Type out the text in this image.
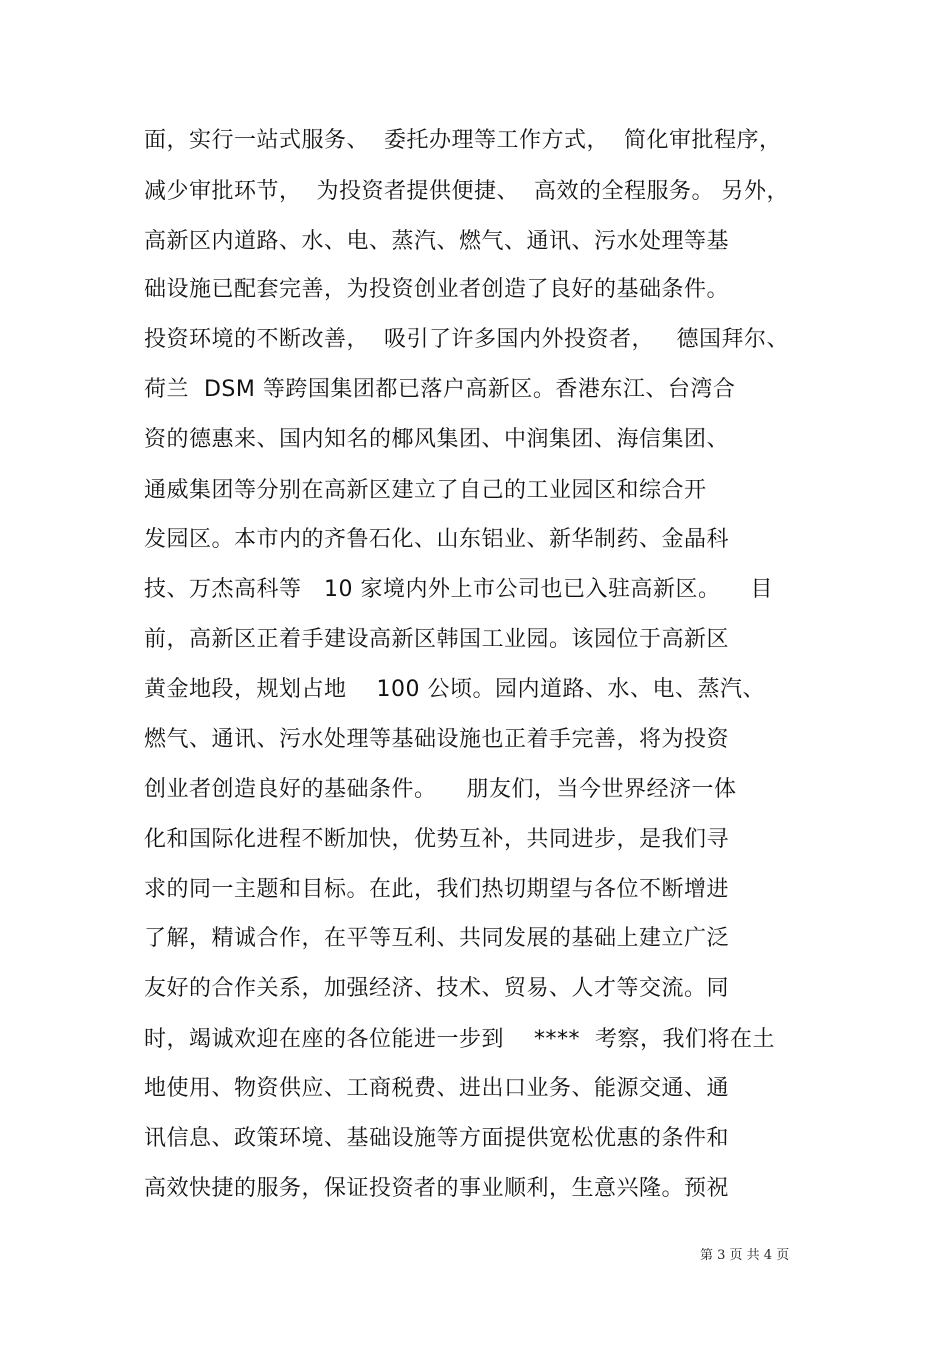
面，实行一站式服务、  委托办理等工作方式，  简化审批程序，
减少审批环节，  为投资者提供便捷、  高效的全程服务。 另外，
高新区内道路、水、电、蒸汽、燃气、通讯、污水处理等基
础设施已配套完善，为投资创业者创造了良好的基础条件。
投资环境的不断改善，  吸引了许多国内外投资者，   德国拜尔、
荷兰  DSM 等跨国集团都已落户高新区。香港东江、台湾合
资的德惠来、国内知名的椰风集团、中润集团、海信集团、
通威集团等分别在高新区建立了自己的工业园区和综合开
发园区。本市内的齐鲁石化、山东铝业、新华制药、金晶科
技、万杰高科等   10 家境内外上市公司也已入驻高新区。    目
前，高新区正着手建设高新区韩国工业园。该园位于高新区
黄金地段，规划占地    100 公顷。园内道路、水、电、蒸汽、
燃气、通讯、污水处理等基础设施也正着手完善，将为投资
创业者创造良好的基础条件。    朋友们，当今世界经济一体
化和国际化进程不断加快，优势互补，共同进步，是我们寻
求的同一主题和目标。在此，我们热切期望与各位不断增进
了解，精诚合作，在平等互利、共同发展的基础上建立广泛
友好的合作关系，加强经济、技术、贸易、人才等交流。同
时，竭诚欢迎在座的各位能进一步到    ****  考察，我们将在土
地使用、物资供应、工商税费、进出口业务、能源交通、通
讯信息、政策环境、基础设施等方面提供宽松优惠的条件和
高效快捷的服务，保证投资者的事业顺利，生意兴隆。预祝
第 3 页 共 4 页
